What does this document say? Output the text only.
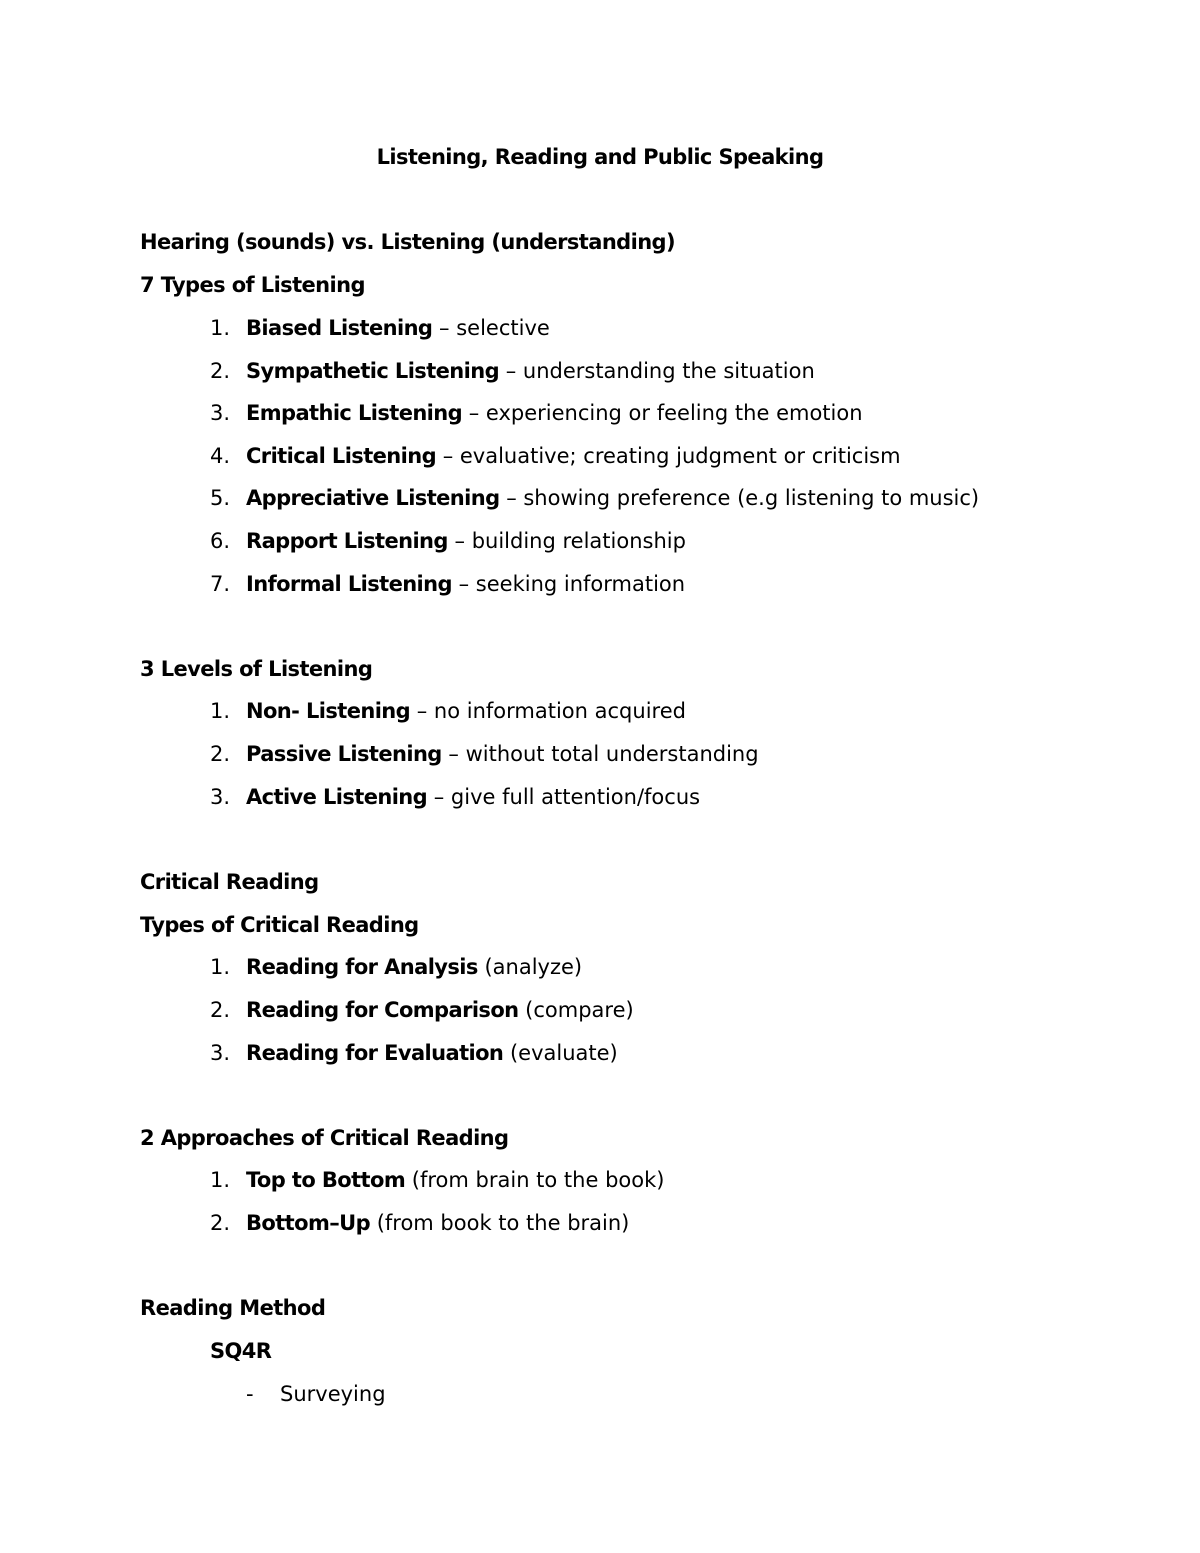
Listening, Reading and Public Speaking
Hearing (sounds) vs. Listening (understanding)
7 Types of Listening
1. Biased Listening – selective
2. Sympathetic Listening – understanding the situation
3. Empathic Listening – experiencing or feeling the emotion
4. Critical Listening – evaluative; creating judgment or criticism
5. Appreciative Listening – showing preference (e.g listening to music)
6. Rapport Listening – building relationship
7. Informal Listening – seeking information
3 Levels of Listening
1. Non- Listening – no information acquired
2. Passive Listening – without total understanding
3. Active Listening – give full attention/focus
Critical Reading
Types of Critical Reading
1. Reading for Analysis (analyze)
2. Reading for Comparison (compare)
3. Reading for Evaluation (evaluate)
2 Approaches of Critical Reading
1. Top to Bottom (from brain to the book)
2. Bottom–Up (from book to the brain)
Reading Method
SQ4R
- Surveying
